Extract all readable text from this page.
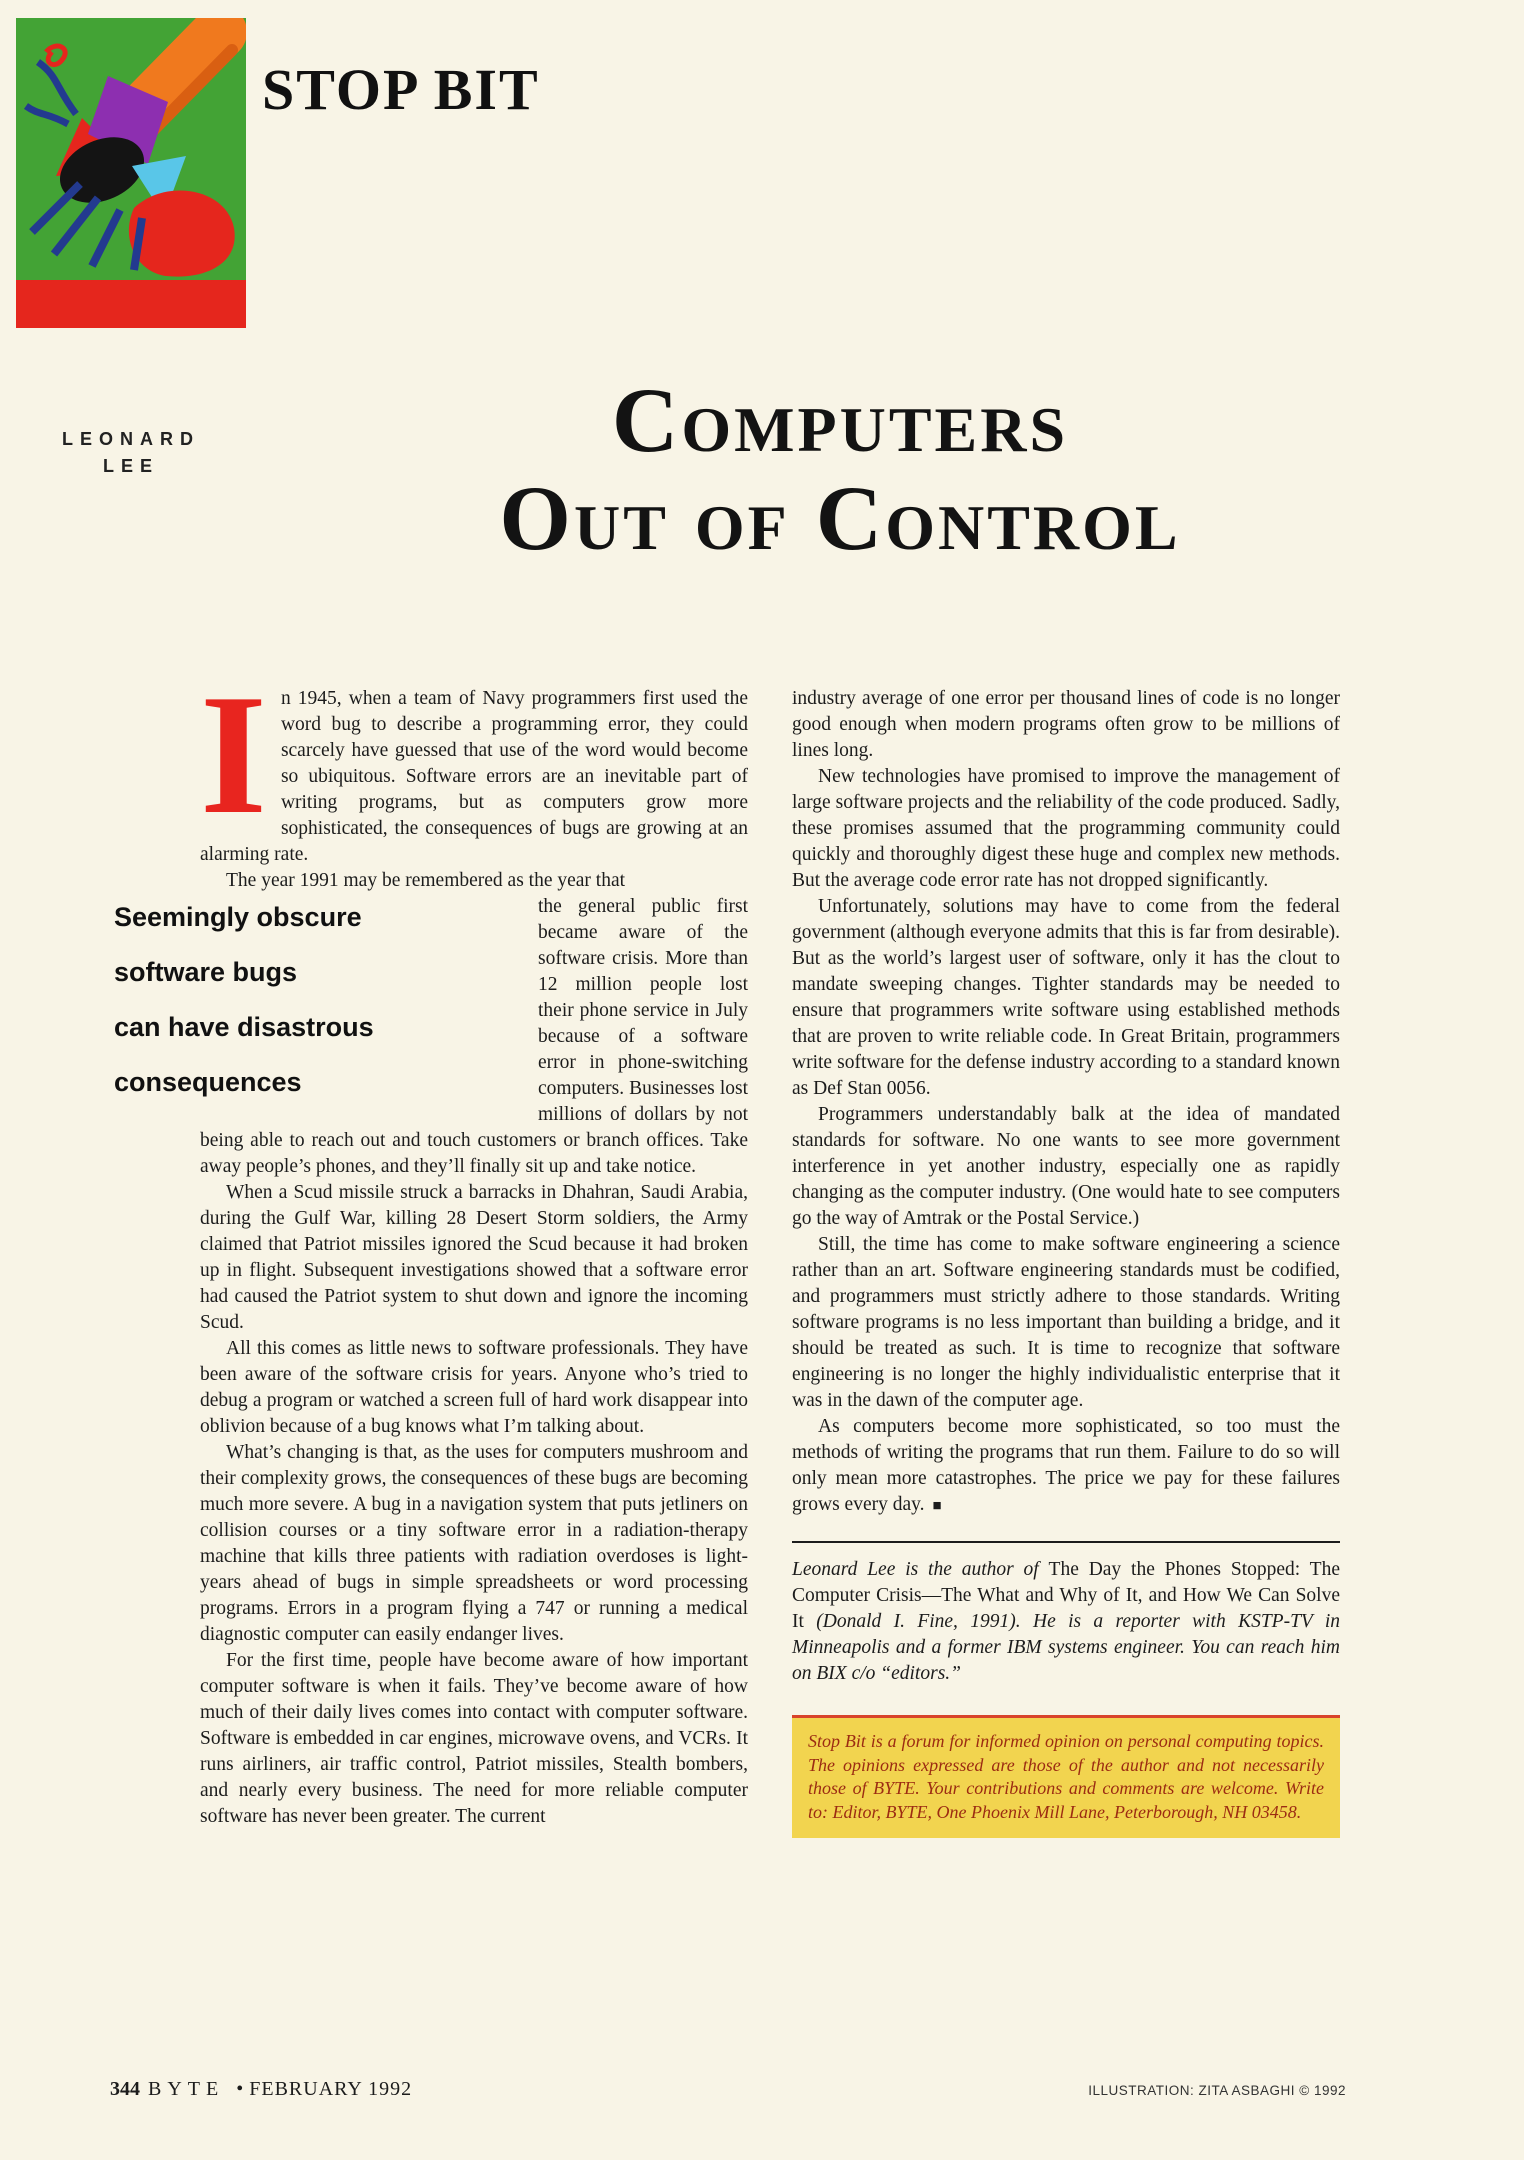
STOP BIT
LEONARD
LEE	Computers
Out of Control

In 1945, when a team of Navy programmers first used the word bug to describe a programming error, they could scarcely have guessed that use of the word would become so ubiquitous. Software errors are an inevitable part of writing programs, but as computers grow more sophisticated, the consequences of bugs are growing at an alarming rate.

The year 1991 may be remembered as the year that

Seemingly obscure
software bugs
can have disastrous
consequences
the general public first became aware of the software crisis. More than 12 million people lost their phone service in July because of a software error in phone-switching computers. Businesses lost millions of dollars by not being able to reach out and touch customers or branch offices. Take away people’s phones, and they’ll finally sit up and take notice.

When a Scud missile struck a barracks in Dhahran, Saudi Arabia, during the Gulf War, killing 28 Desert Storm soldiers, the Army claimed that Patriot missiles ignored the Scud because it had broken up in flight. Subsequent investigations showed that a software error had caused the Patriot system to shut down and ignore the incoming Scud.

All this comes as little news to software professionals. They have been aware of the software crisis for years. Anyone who’s tried to debug a program or watched a screen full of hard work disappear into oblivion because of a bug knows what I’m talking about.

What’s changing is that, as the uses for computers mushroom and their complexity grows, the consequences of these bugs are becoming much more severe. A bug in a navigation system that puts jetliners on collision courses or a tiny software error in a radiation-therapy machine that kills three patients with radiation overdoses is light-years ahead of bugs in simple spreadsheets or word processing programs. Errors in a program flying a 747 or running a medical diagnostic computer can easily endanger lives.

For the first time, people have become aware of how important computer software is when it fails. They’ve become aware of how much of their daily lives comes into contact with computer software. Software is embedded in car engines, microwave ovens, and VCRs. It runs airliners, air traffic control, Patriot missiles, Stealth bombers, and nearly every business. The need for more reliable computer software has never been greater. The current

industry average of one error per thousand lines of code is no longer good enough when modern programs often grow to be millions of lines long.

New technologies have promised to improve the management of large software projects and the reliability of the code produced. Sadly, these promises assumed that the programming community could quickly and thoroughly digest these huge and complex new methods. But the average code error rate has not dropped significantly.

Unfortunately, solutions may have to come from the federal government (although everyone admits that this is far from desirable). But as the world’s largest user of software, only it has the clout to mandate sweeping changes. Tighter standards may be needed to ensure that programmers write software using established methods that are proven to write reliable code. In Great Britain, programmers write software for the defense industry according to a standard known as Def Stan 0056.

Programmers understandably balk at the idea of mandated standards for software. No one wants to see more government interference in yet another industry, especially one as rapidly changing as the computer industry. (One would hate to see computers go the way of Amtrak or the Postal Service.)

Still, the time has come to make software engineering a science rather than an art. Software engineering standards must be codified, and programmers must strictly adhere to those standards. Writing software programs is no less important than building a bridge, and it should be treated as such. It is time to recognize that software engineering is no longer the highly individualistic enterprise that it was in the dawn of the computer age.

As computers become more sophisticated, so too must the methods of writing the programs that run them. Failure to do so will only mean more catastrophes. The price we pay for these failures grows every day. ■

Leonard Lee is the author of The Day the Phones Stopped: The Computer Crisis—The What and Why of It, and How We Can Solve It (Donald I. Fine, 1991). He is a reporter with KSTP-TV in Minneapolis and a former IBM systems engineer. You can reach him on BIX c/o “editors.”
Stop Bit is a forum for informed opinion on personal computing topics. The opinions expressed are those of the author and not necessarily those of BYTE. Your contributions and comments are welcome. Write to: Editor, BYTE, One Phoenix Mill Lane, Peterborough, NH 03458.
344 BYTE • FEBRUARY 1992	ILLUSTRATION: ZITA ASBAGHI © 1992
